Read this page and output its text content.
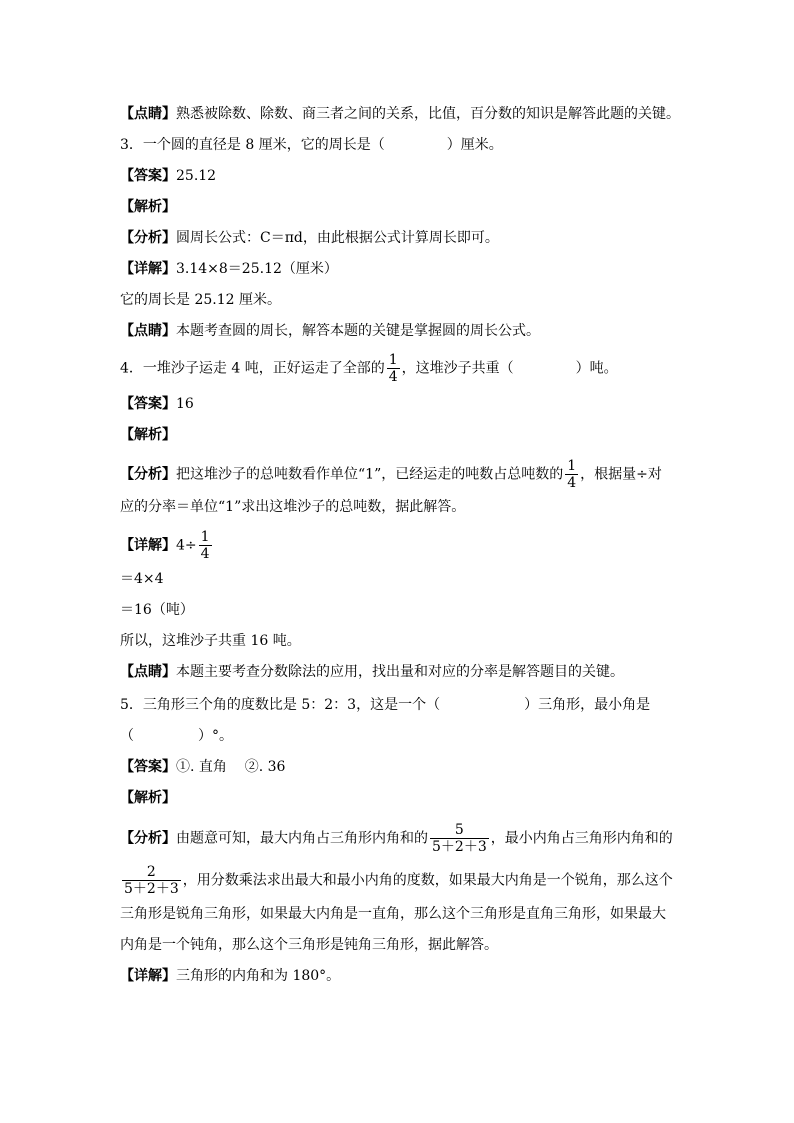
【点睛】熟悉被除数、除数、商三者之间的关系，比值，百分数的知识是解答此题的关键。
3．一个圆的直径是 8 厘米，它的周长是（	）厘米。
【答案】25.12
【解析】
【分析】圆周长公式：C＝πd，由此根据公式计算周长即可。
【详解】3.14×8＝25.12（厘米）
它的周长是 25.12 厘米。
【点睛】本题考查圆的周长，解答本题的关键是掌握圆的周长公式。
4．一堆沙子运走 4 吨，正好运走了全部的 $\frac{1}{4}$ ，这堆沙子共重（	）吨。
【答案】16
【解析】
【分析】把这堆沙子的总吨数看作单位“1”，已经运走的吨数占总吨数的 $\frac{1}{4}$ ，根据量÷对
应的分率＝单位“1”求出这堆沙子的总吨数，据此解答。
【详解】$4\div \frac{1}{4}$
＝4×4
＝16（吨）
所以，这堆沙子共重 16 吨。
【点睛】本题主要考查分数除法的应用，找出量和对应的分率是解答题目的关键。
5．三角形三个角的度数比是 5：2：3，这是一个（	）三角形，最小角是
（	）°。
【答案】①. 直角    ②. 36
【解析】
【分析】由题意可知，最大内角占三角形内角和的 $\frac{5}{5+2+3}$ ，最小内角占三角形内角和的
$\frac{2}{5+2+3}$ ，用分数乘法求出最大和最小内角的度数，如果最大内角是一个锐角，那么这个
三角形是锐角三角形，如果最大内角是一直角，那么这个三角形是直角三角形，如果最大
内角是一个钝角，那么这个三角形是钝角三角形，据此解答。
【详解】三角形的内角和为 180°。
